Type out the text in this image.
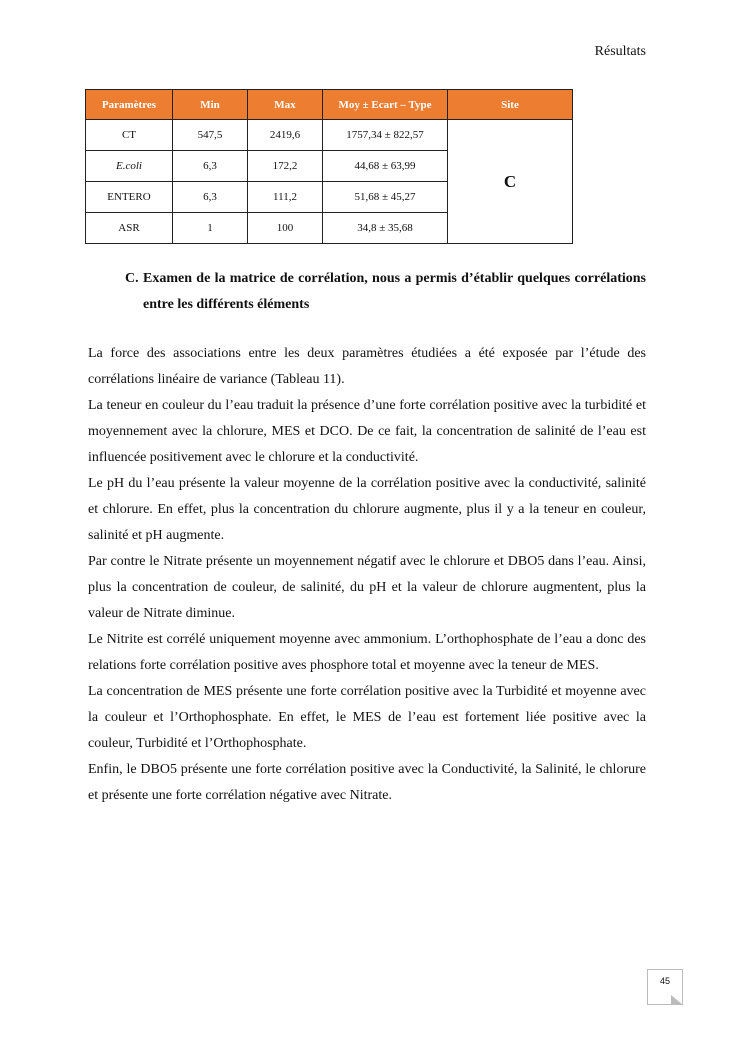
Résultats
Paramètres	Min	Max	Moy ± Ecart – Type	Site
CT	547,5	2419,6	1757,34 ± 822,57	C
E.coli	6,3	172,2	44,68 ± 63,99	
ENTERO	6,3	111,2	51,68 ± 45,27	
ASR	1	100	34,8 ± 35,68	
C. Examen de la matrice de corrélation, nous a permis d’établir quelques corrélations entre les différents éléments

La force des associations entre les deux paramètres étudiées a été exposée par l’étude des corrélations linéaire de variance (Tableau 11).

La teneur en couleur du l’eau traduit la présence d’une forte corrélation positive avec la turbidité et moyennement avec la chlorure, MES et DCO. De ce fait, la concentration de salinité de l’eau est influencée positivement avec le chlorure et la conductivité.

Le pH du l’eau présente la valeur moyenne de la corrélation positive avec la conductivité, salinité et chlorure. En effet, plus la concentration du chlorure augmente, plus il y a la teneur en couleur, salinité et pH augmente.

Par contre le Nitrate présente un moyennement négatif avec le chlorure et DBO5 dans l’eau. Ainsi, plus la concentration de couleur, de salinité, du pH et la valeur de chlorure augmentent, plus la valeur de Nitrate diminue.

Le Nitrite est corrélé uniquement moyenne avec ammonium. L’orthophosphate de l’eau a donc des relations forte corrélation positive aves phosphore total et moyenne avec la teneur de MES.

La concentration de MES présente une forte corrélation positive avec la Turbidité et moyenne avec la couleur et l’Orthophosphate. En effet, le MES de l’eau est fortement liée positive avec la couleur, Turbidité et l’Orthophosphate.

Enfin, le DBO5 présente une forte corrélation positive avec la Conductivité, la Salinité, le chlorure et présente une forte corrélation négative avec Nitrate.

45
